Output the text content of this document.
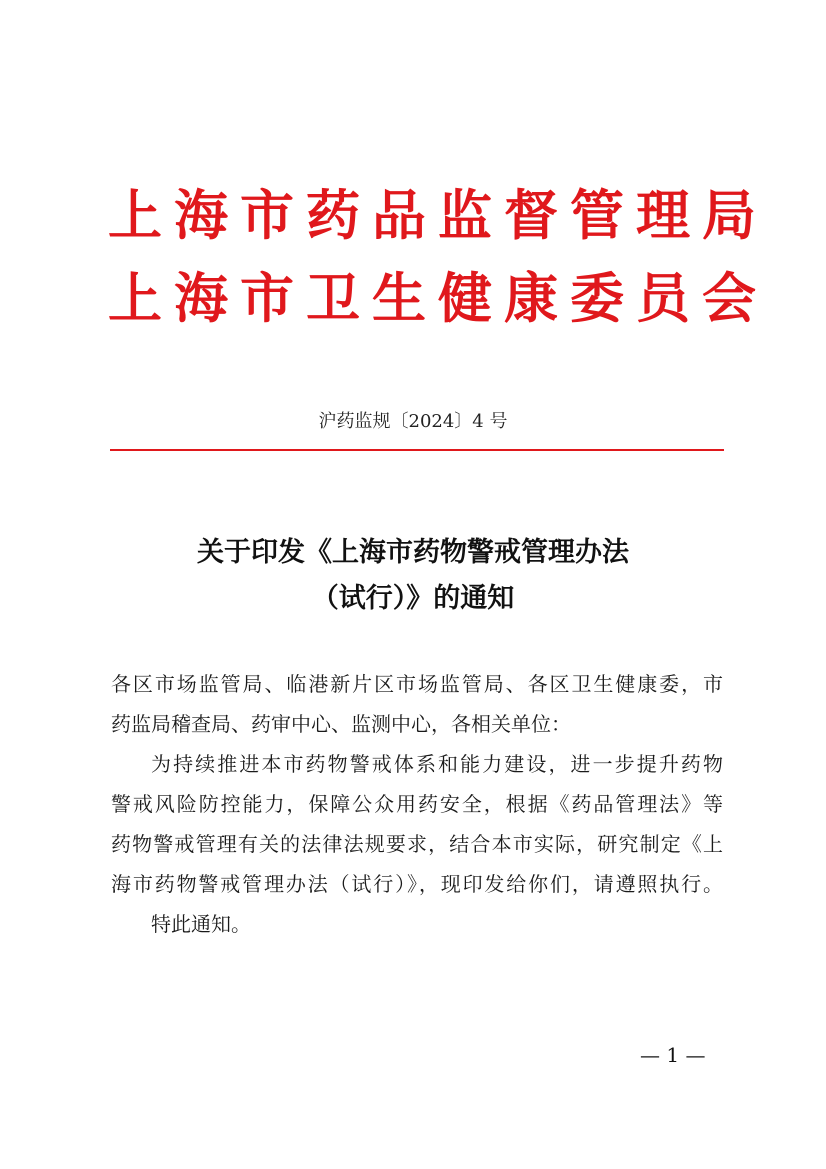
上海市药品监督管理局
上海市卫生健康委员会
沪药监规〔2024〕4 号
关于印发《上海市药物警戒管理办法
（试行）》的通知
各区市场监管局、临港新片区市场监管局、各区卫生健康委，市
药监局稽查局、药审中心、监测中心，各相关单位：
为持续推进本市药物警戒体系和能力建设，进一步提升药物
警戒风险防控能力，保障公众用药安全，根据《药品管理法》等
药物警戒管理有关的法律法规要求，结合本市实际，研究制定《上
海市药物警戒管理办法（试行）》，现印发给你们，请遵照执行。
特此通知。
— 1 —
